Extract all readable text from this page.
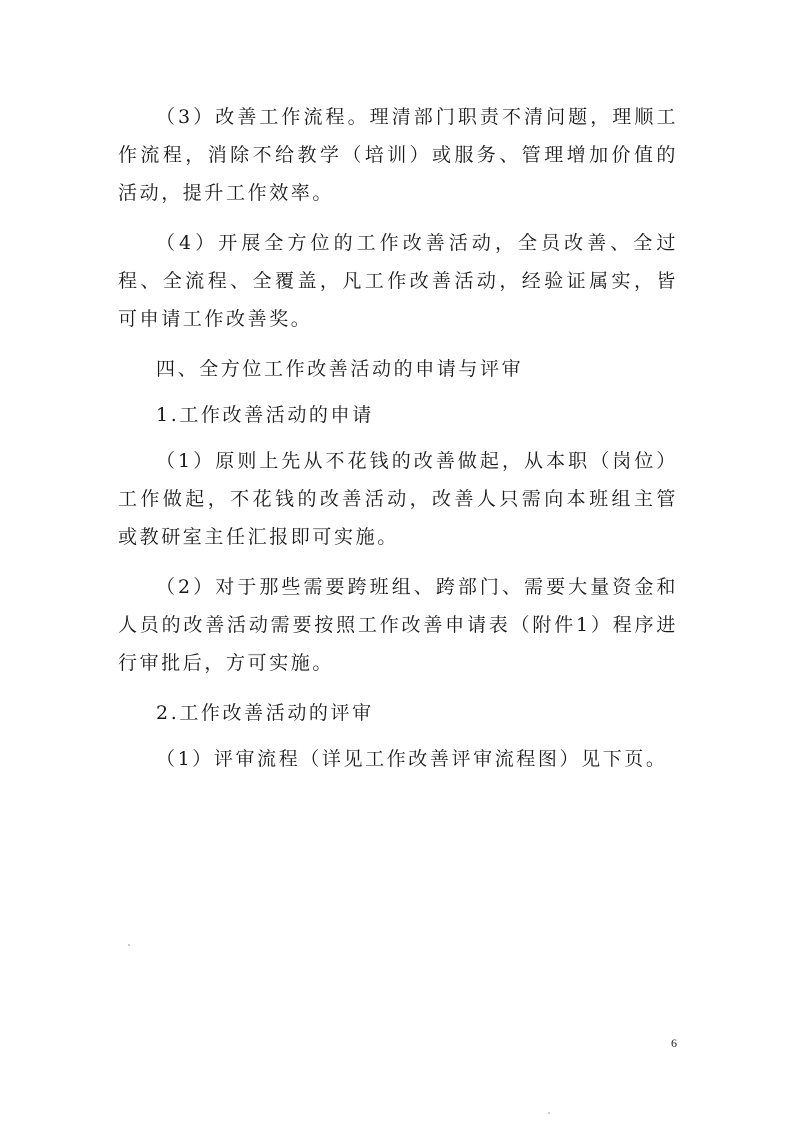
（3）改善工作流程。理清部门职责不清问题，理顺工作流程，消除不给教学（培训）或服务、管理增加价值的活动，提升工作效率。

（4）开展全方位的工作改善活动，全员改善、全过程、全流程、全覆盖，凡工作改善活动，经验证属实，皆可申请工作改善奖。

四、全方位工作改善活动的申请与评审

1.工作改善活动的申请

（1）原则上先从不花钱的改善做起，从本职（岗位）工作做起，不花钱的改善活动，改善人只需向本班组主管或教研室主任汇报即可实施。

（2）对于那些需要跨班组、跨部门、需要大量资金和人员的改善活动需要按照工作改善申请表（附件1）程序进行审批后，方可实施。

2.工作改善活动的评审

（1）评审流程（详见工作改善评审流程图）见下页。

6
